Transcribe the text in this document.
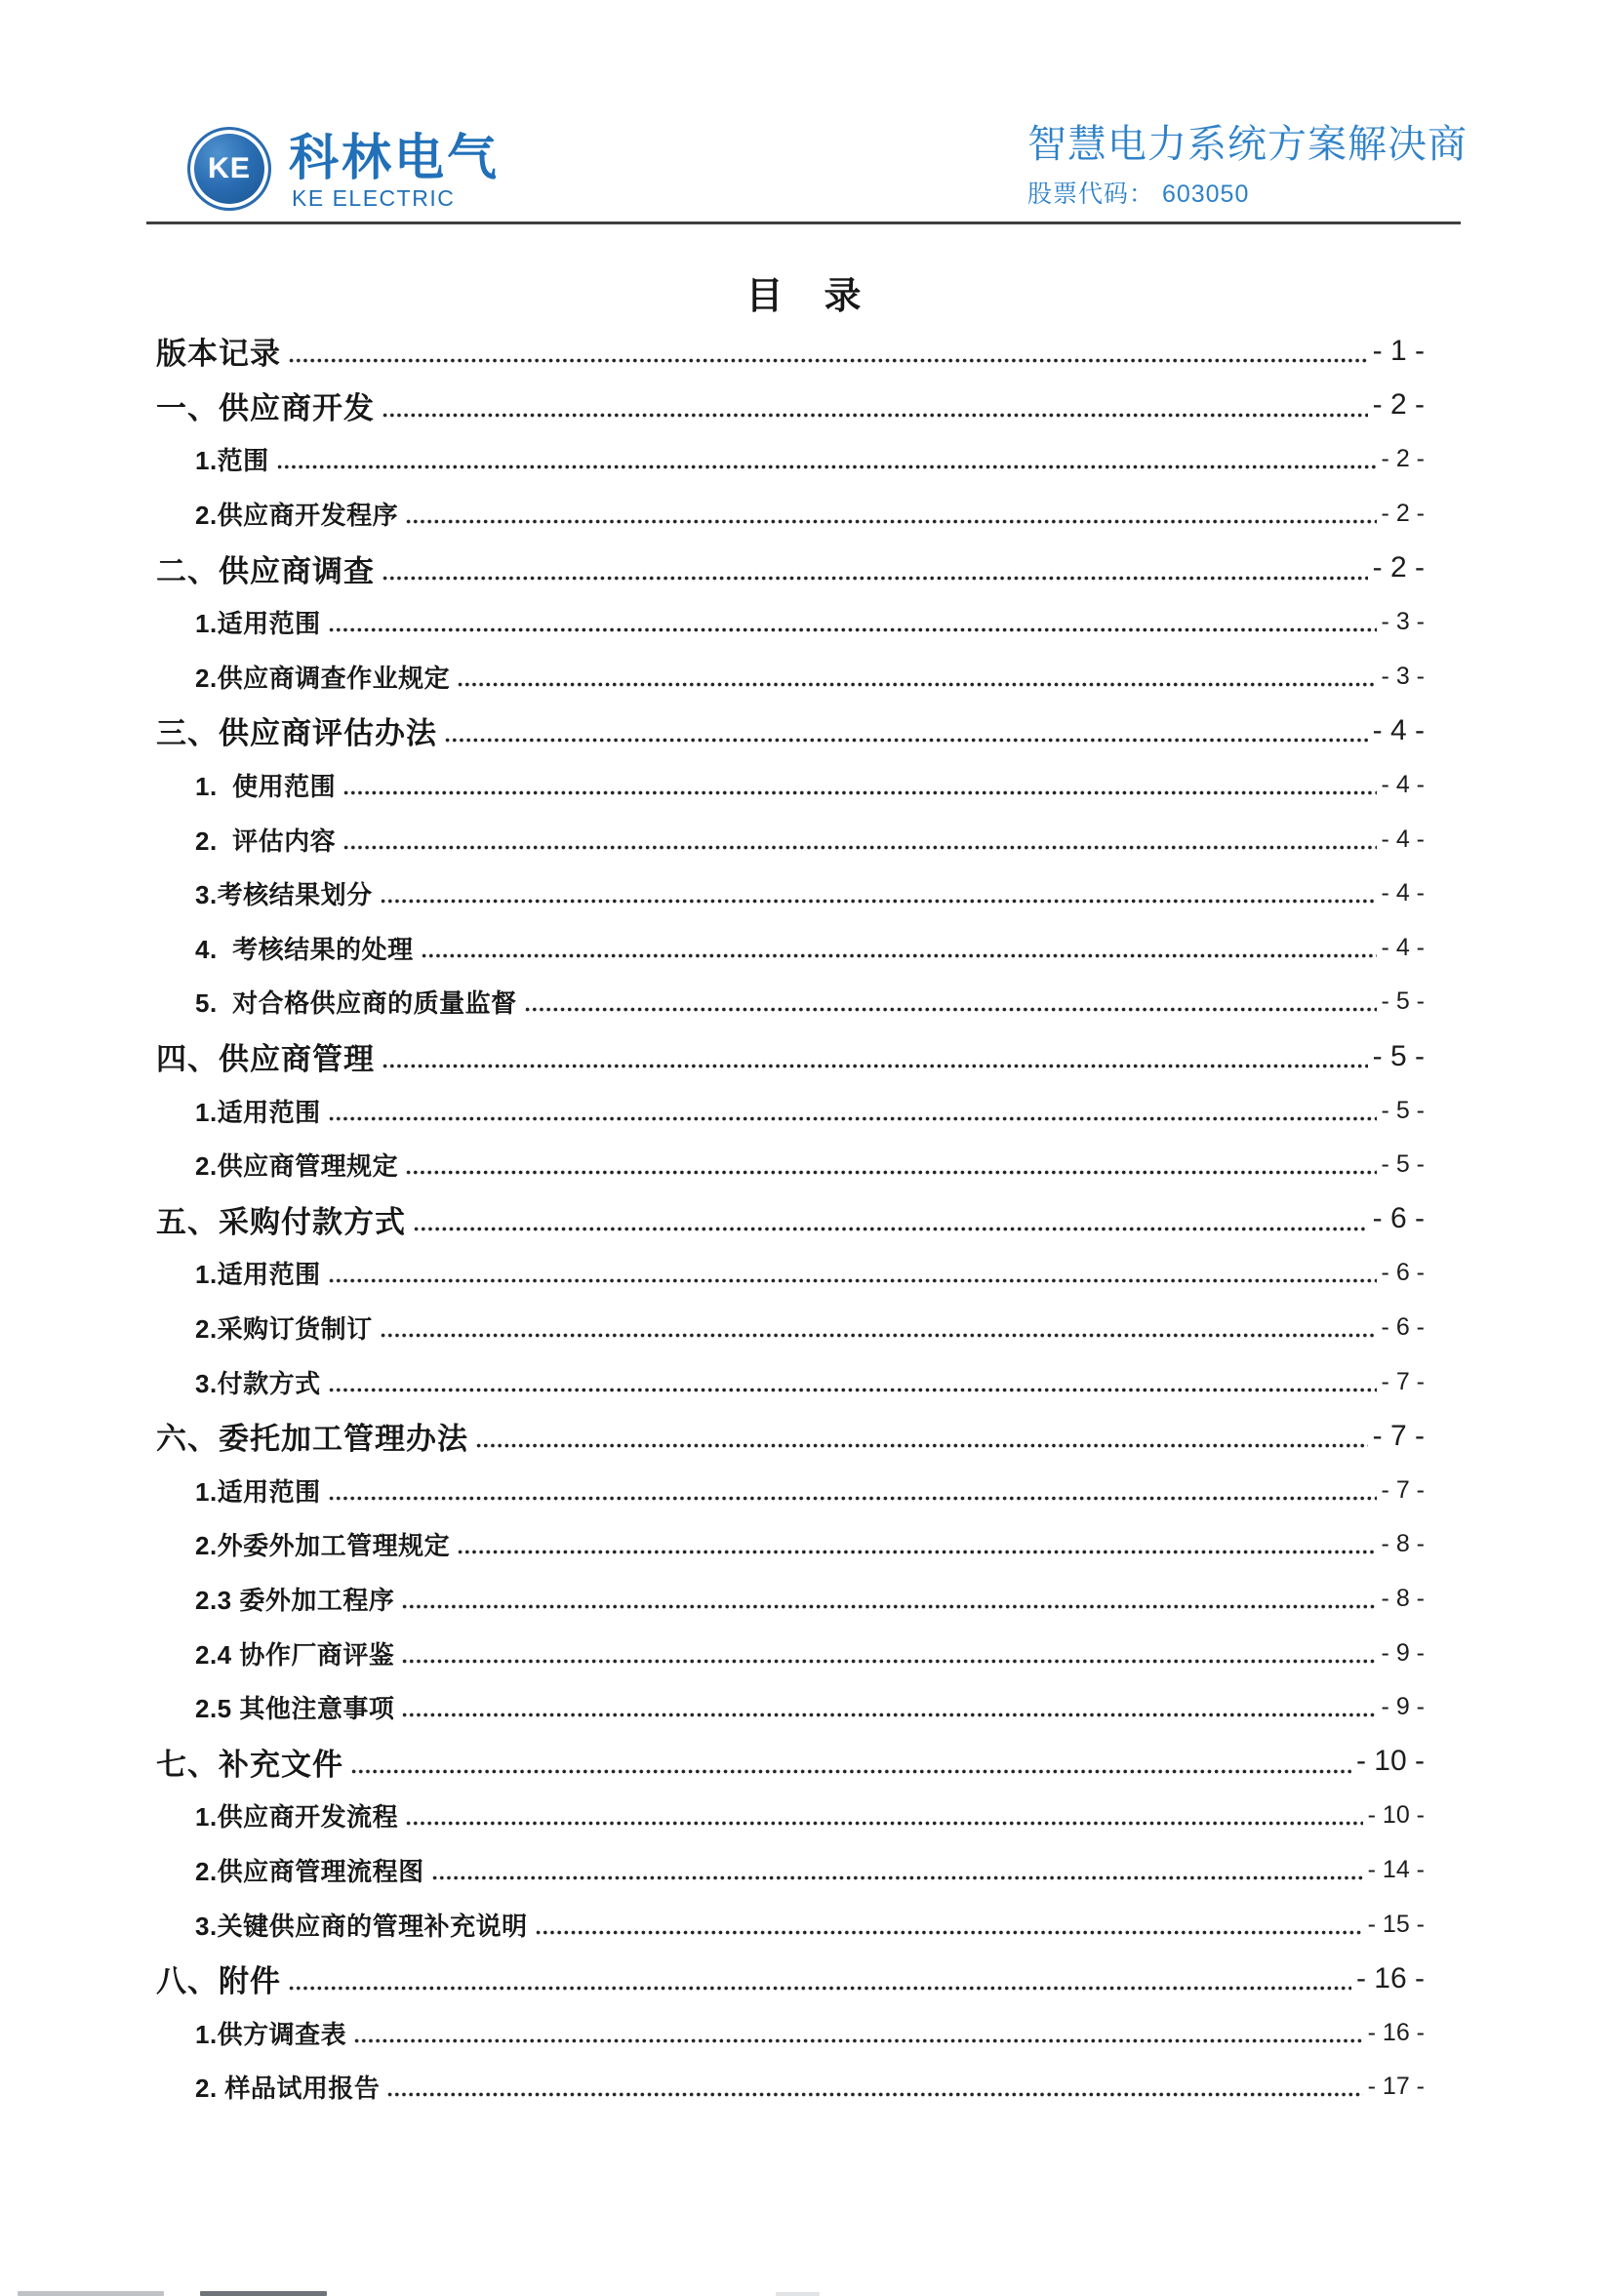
KE 科林电气
KE ELECTRIC
智慧电力系统方案解决商
股票代码： 603050
目　录
版本记录	- 1 -
一、供应商开发	- 2 -
1.范围	- 2 -
2.供应商开发程序	- 2 -
二、供应商调查	- 2 -
1.适用范围	- 3 -
2.供应商调查作业规定	- 3 -
三、供应商评估办法	- 4 -
1.  使用范围	- 4 -
2.  评估内容	- 4 -
3.考核结果划分	- 4 -
4.  考核结果的处理	- 4 -
5.  对合格供应商的质量监督	- 5 -
四、供应商管理	- 5 -
1.适用范围	- 5 -
2.供应商管理规定	- 5 -
五、采购付款方式	- 6 -
1.适用范围	- 6 -
2.采购订货制订	- 6 -
3.付款方式	- 7 -
六、委托加工管理办法	- 7 -
1.适用范围	- 7 -
2.外委外加工管理规定	- 8 -
2.3 委外加工程序	- 8 -
2.4 协作厂商评鉴	- 9 -
2.5 其他注意事项	- 9 -
七、补充文件	- 10 -
1.供应商开发流程	- 10 -
2.供应商管理流程图	- 14 -
3.关键供应商的管理补充说明	- 15 -
八、附件	- 16 -
1.供方调查表	- 16 -
2. 样品试用报告	- 17 -
